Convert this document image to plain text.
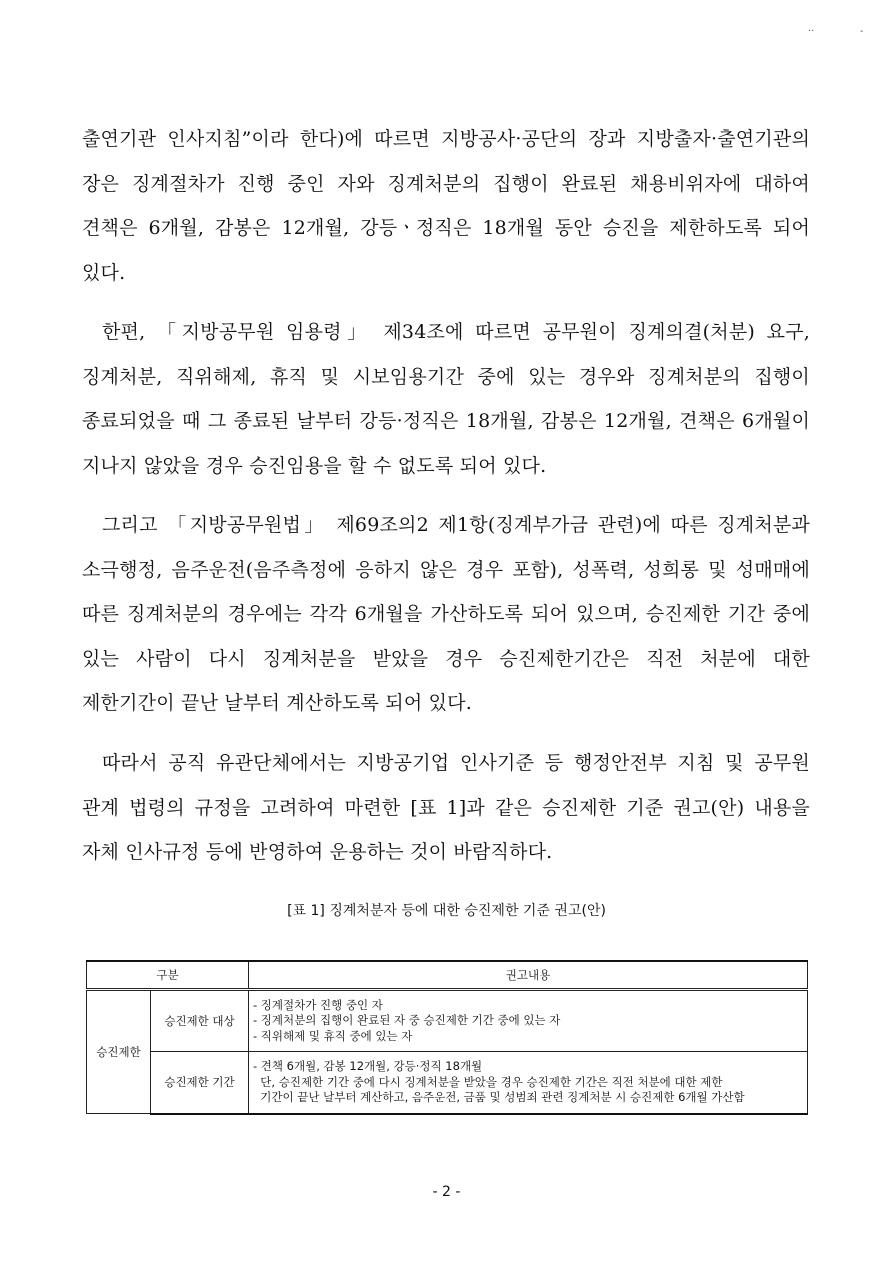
··	-

출연기관 인사지침”이라 한다)에 따르면 지방공사·공단의 장과 지방출자·출연기관의 장은 징계절차가 진행 중인 자와 징계처분의 집행이 완료된 채용비위자에 대하여 견책은 6개월, 감봉은 12개월, 강등ㆍ정직은 18개월 동안 승진을 제한하도록 되어 있다.

한편, 「지방공무원 임용령」 제34조에 따르면 공무원이 징계의결(처분) 요구, 징계처분, 직위해제, 휴직 및 시보임용기간 중에 있는 경우와 징계처분의 집행이 종료되었을 때 그 종료된 날부터 강등·정직은 18개월, 감봉은 12개월, 견책은 6개월이 지나지 않았을 경우 승진임용을 할 수 없도록 되어 있다.

그리고 「지방공무원법」 제69조의2 제1항(징계부가금 관련)에 따른 징계처분과 소극행정, 음주운전(음주측정에 응하지 않은 경우 포함), 성폭력, 성희롱 및 성매매에 따른 징계처분의 경우에는 각각 6개월을 가산하도록 되어 있으며, 승진제한 기간 중에 있는 사람이 다시 징계처분을 받았을 경우 승진제한기간은 직전 처분에 대한 제한기간이 끝난 날부터 계산하도록 되어 있다.

따라서 공직 유관단체에서는 지방공기업 인사기준 등 행정안전부 지침 및 공무원 관계 법령의 규정을 고려하여 마련한 [표 1]과 같은 승진제한 기준 권고(안) 내용을 자체 인사규정 등에 반영하여 운용하는 것이 바람직하다.

[표 1] 징계처분자 등에 대한 승진제한 기준 권고(안)
구분		권고내용
승진제한	승진제한 대상	- 징계절차가 진행 중인 자
- 징계처분의 집행이 완료된 자 중 승진제한 기간 중에 있는 자
- 직위해제 및 휴직 중에 있는 자

	승진제한 기간	- 견책 6개월, 감봉 12개월, 강등·정직 18개월
단, 승진제한 기간 중에 다시 징계처분을 받았을 경우 승진제한 기간은 직전 처분에 대한 제한
기간이 끝난 날부터 계산하고, 음주운전, 금품 및 성범죄 관련 징계처분 시 승진제한 6개월 가산함
- 2 -
